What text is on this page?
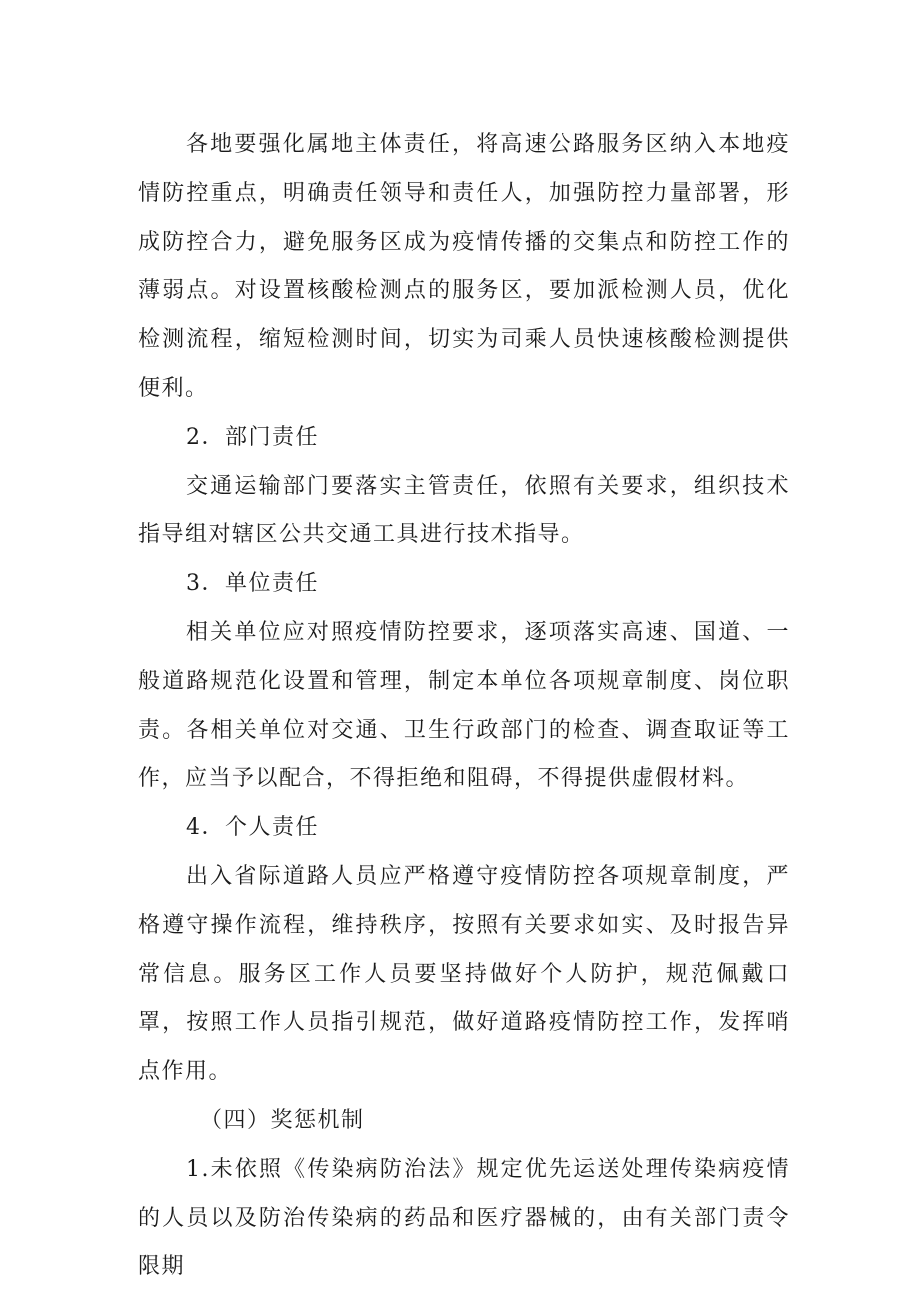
各地要强化属地主体责任，将高速公路服务区纳入本地疫情防控重点，明确责任领导和责任人，加强防控力量部署，形成防控合力，避免服务区成为疫情传播的交集点和防控工作的薄弱点。对设置核酸检测点的服务区，要加派检测人员，优化检测流程，缩短检测时间，切实为司乘人员快速核酸检测提供便利。

2．部门责任

交通运输部门要落实主管责任，依照有关要求，组织技术指导组对辖区公共交通工具进行技术指导。

3．单位责任

相关单位应对照疫情防控要求，逐项落实高速、国道、一般道路规范化设置和管理，制定本单位各项规章制度、岗位职责。各相关单位对交通、卫生行政部门的检查、调查取证等工作，应当予以配合，不得拒绝和阻碍，不得提供虚假材料。

4．个人责任

出入省际道路人员应严格遵守疫情防控各项规章制度，严格遵守操作流程，维持秩序，按照有关要求如实、及时报告异常信息。服务区工作人员要坚持做好个人防护，规范佩戴口罩，按照工作人员指引规范，做好道路疫情防控工作，发挥哨点作用。

（四）奖惩机制

1.未依照《传染病防治法》规定优先运送处理传染病疫情的人员以及防治传染病的药品和医疗器械的，由有关部门责令限期
